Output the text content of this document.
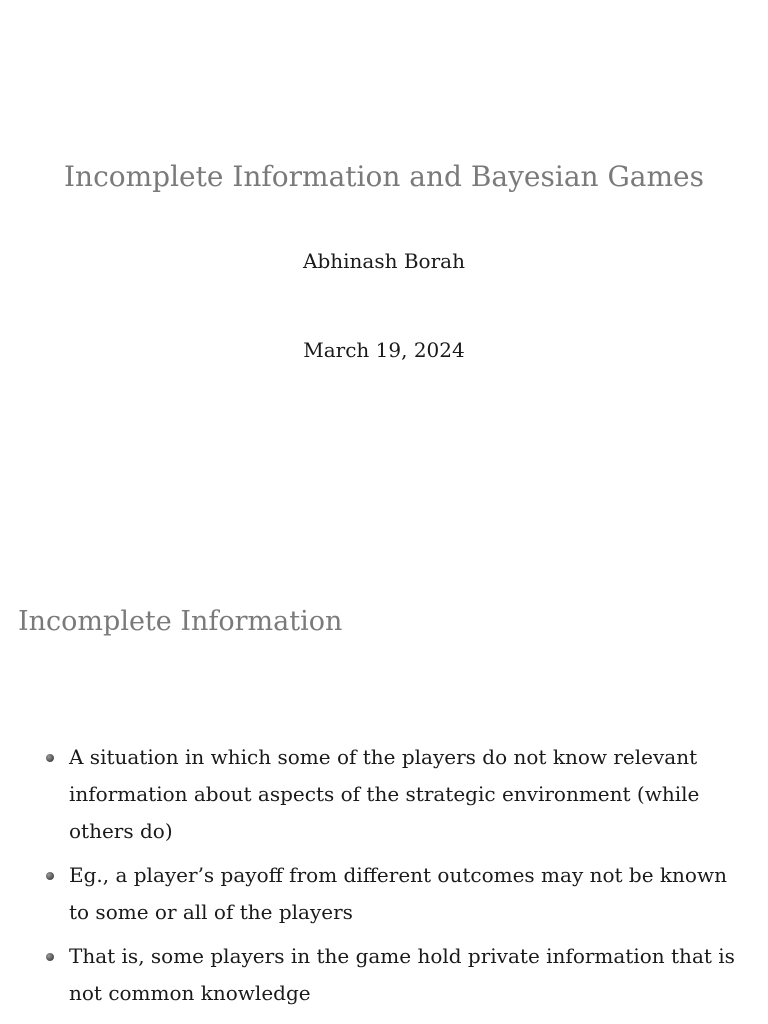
Incomplete Information and Bayesian Games
Abhinash Borah
March 19, 2024
Incomplete Information
A situation in which some of the players do not know relevant information about aspects of the strategic environment (while others do)
Eg., a player’s payoff from different outcomes may not be known to some or all of the players
That is, some players in the game hold private information that is not common knowledge
